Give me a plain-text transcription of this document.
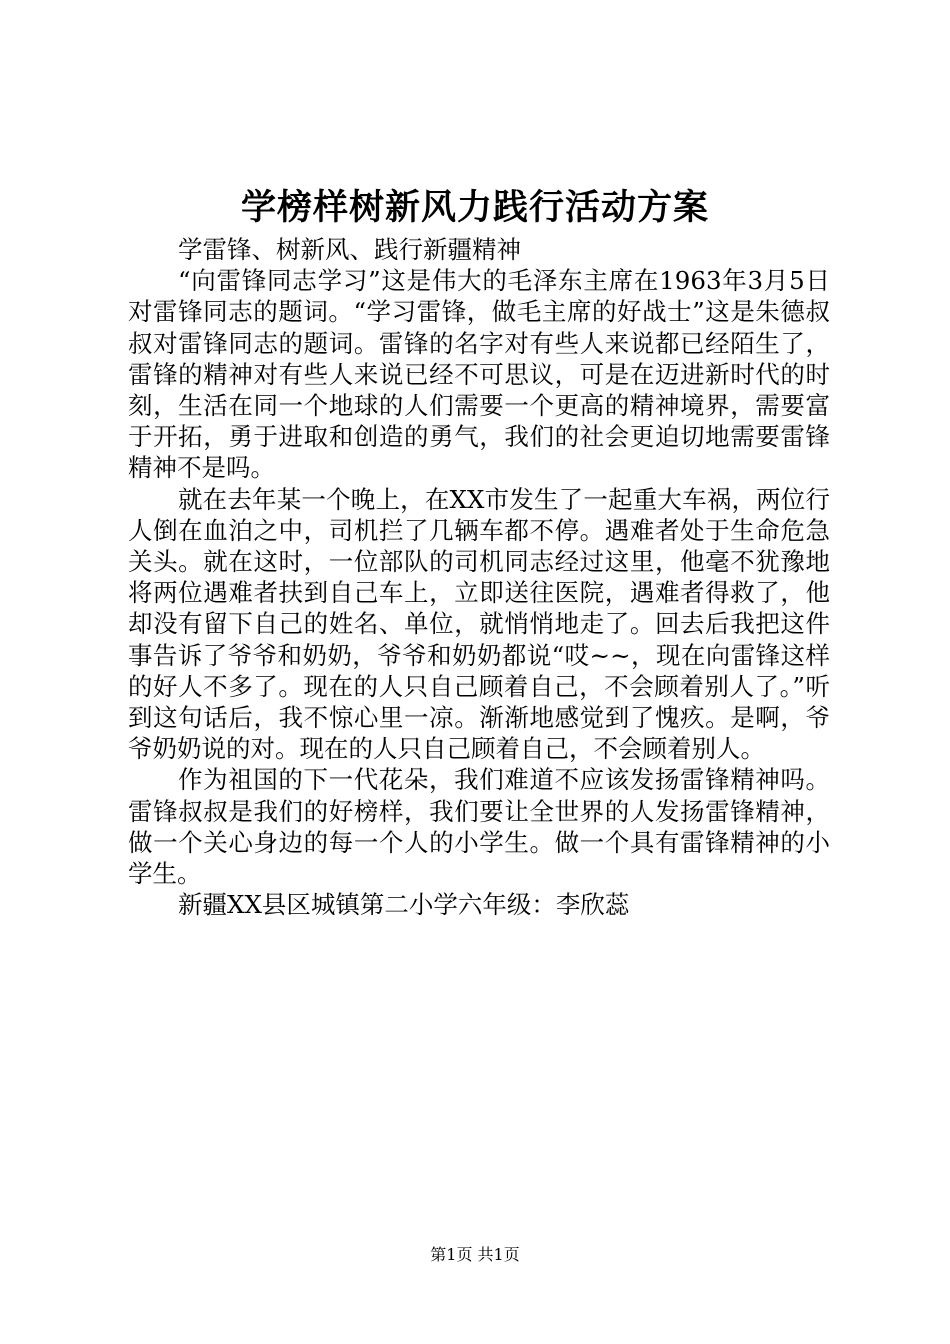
学榜样树新风力践行活动方案

学雷锋、树新风、践行新疆精神

“向雷锋同志学习”这是伟大的毛泽东主席在1963年3月5日对雷锋同志的题词。“学习雷锋，做毛主席的好战士”这是朱德叔叔对雷锋同志的题词。雷锋的名字对有些人来说都已经陌生了，雷锋的精神对有些人来说已经不可思议，可是在迈进新时代的时刻，生活在同一个地球的人们需要一个更高的精神境界，需要富于开拓，勇于进取和创造的勇气，我们的社会更迫切地需要雷锋精神不是吗。

就在去年某一个晚上，在XX市发生了一起重大车祸，两位行人倒在血泊之中，司机拦了几辆车都不停。遇难者处于生命危急关头。就在这时，一位部队的司机同志经过这里，他毫不犹豫地将两位遇难者扶到自己车上，立即送往医院，遇难者得救了，他却没有留下自己的姓名、单位，就悄悄地走了。回去后我把这件事告诉了爷爷和奶奶，爷爷和奶奶都说“哎~~，现在向雷锋这样的好人不多了。现在的人只自己顾着自己，不会顾着别人了。”听到这句话后，我不惊心里一凉。渐渐地感觉到了愧疚。是啊，爷爷奶奶说的对。现在的人只自己顾着自己，不会顾着别人。

作为祖国的下一代花朵，我们难道不应该发扬雷锋精神吗。雷锋叔叔是我们的好榜样，我们要让全世界的人发扬雷锋精神，做一个关心身边的每一个人的小学生。做一个具有雷锋精神的小学生。

新疆XX县区城镇第二小学六年级：李欣蕊

第1页 共1页
